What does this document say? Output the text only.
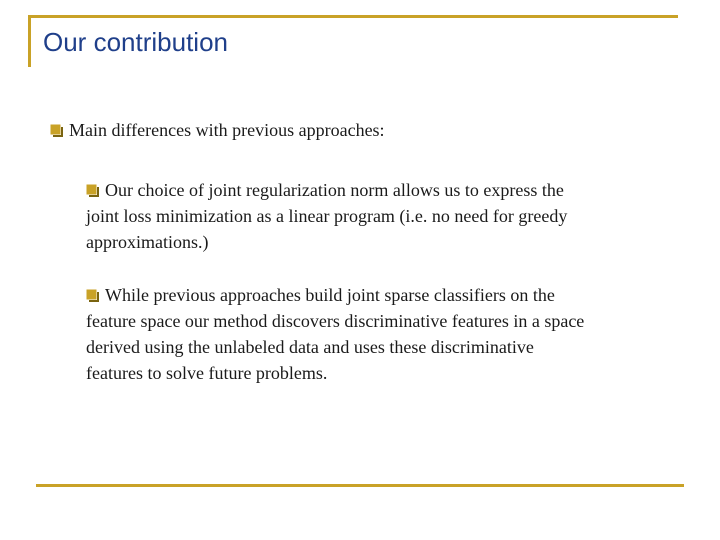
Our contribution
Main differences with previous approaches:
Our choice of joint regularization norm allows us to express the
joint loss minimization as a linear program (i.e. no need for greedy
approximations.)
While previous approaches build joint sparse classifiers on the
feature space our method discovers discriminative features in a space
derived using the unlabeled data and uses these discriminative
features to solve future problems.
